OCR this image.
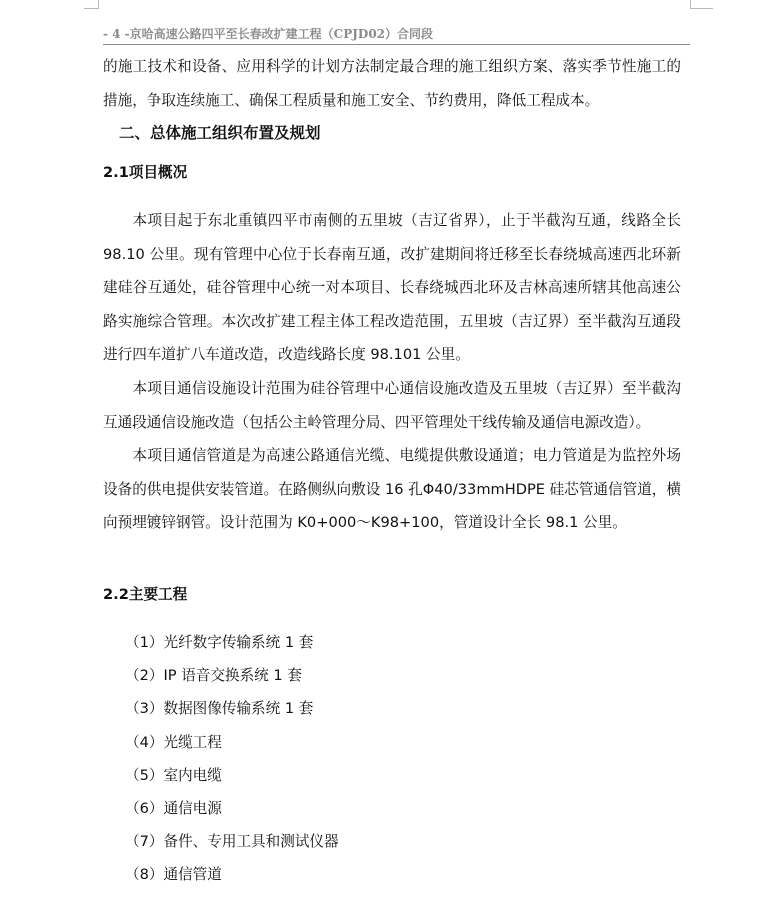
- 4 -京哈高速公路四平至长春改扩建工程（CPJD02）合同段

的施工技术和设备、应用科学的计划方法制定最合理的施工组织方案、落实季节性施工的措施，争取连续施工、确保工程质量和施工安全、节约费用，降低工程成本。

二、总体施工组织布置及规划
2.1项目概况

本项目起于东北重镇四平市南侧的五里坡（吉辽省界），止于半截沟互通，线路全长 98.10 公里。现有管理中心位于长春南互通，改扩建期间将迁移至长春绕城高速西北环新建硅谷互通处，硅谷管理中心统一对本项目、长春绕城西北环及吉林高速所辖其他高速公路实施综合管理。本次改扩建工程主体工程改造范围，五里坡（吉辽界）至半截沟互通段进行四车道扩八车道改造，改造线路长度 98.101 公里。

本项目通信设施设计范围为硅谷管理中心通信设施改造及五里坡（吉辽界）至半截沟互通段通信设施改造（包括公主岭管理分局、四平管理处干线传输及通信电源改造）。

本项目通信管道是为高速公路通信光缆、电缆提供敷设通道；电力管道是为监控外场设备的供电提供安装管道。在路侧纵向敷设 16 孔Φ40/33mmHDPE 硅芯管通信管道，横向预埋镀锌钢管。设计范围为 K0+000～K98+100，管道设计全长 98.1 公里。

2.2主要工程
（1）光纤数字传输系统 1 套
（2）IP 语音交换系统 1 套
（3）数据图像传输系统 1 套
（4）光缆工程
（5）室内电缆
（6）通信电源
（7）备件、专用工具和测试仪器
（8）通信管道
